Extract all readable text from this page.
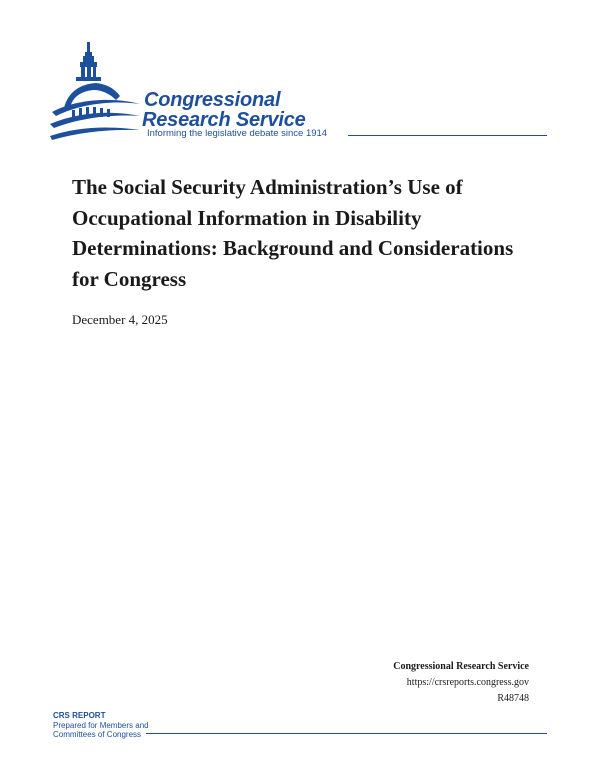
Congressional
Research Service
Informing the legislative debate since 1914
The Social Security Administration’s Use of Occupational Information in Disability Determinations: Background and Considerations for Congress
December 4, 2025
Congressional Research Service
https://crsreports.congress.gov
R48748
CRS REPORT
Prepared for Members and
Committees of Congress
